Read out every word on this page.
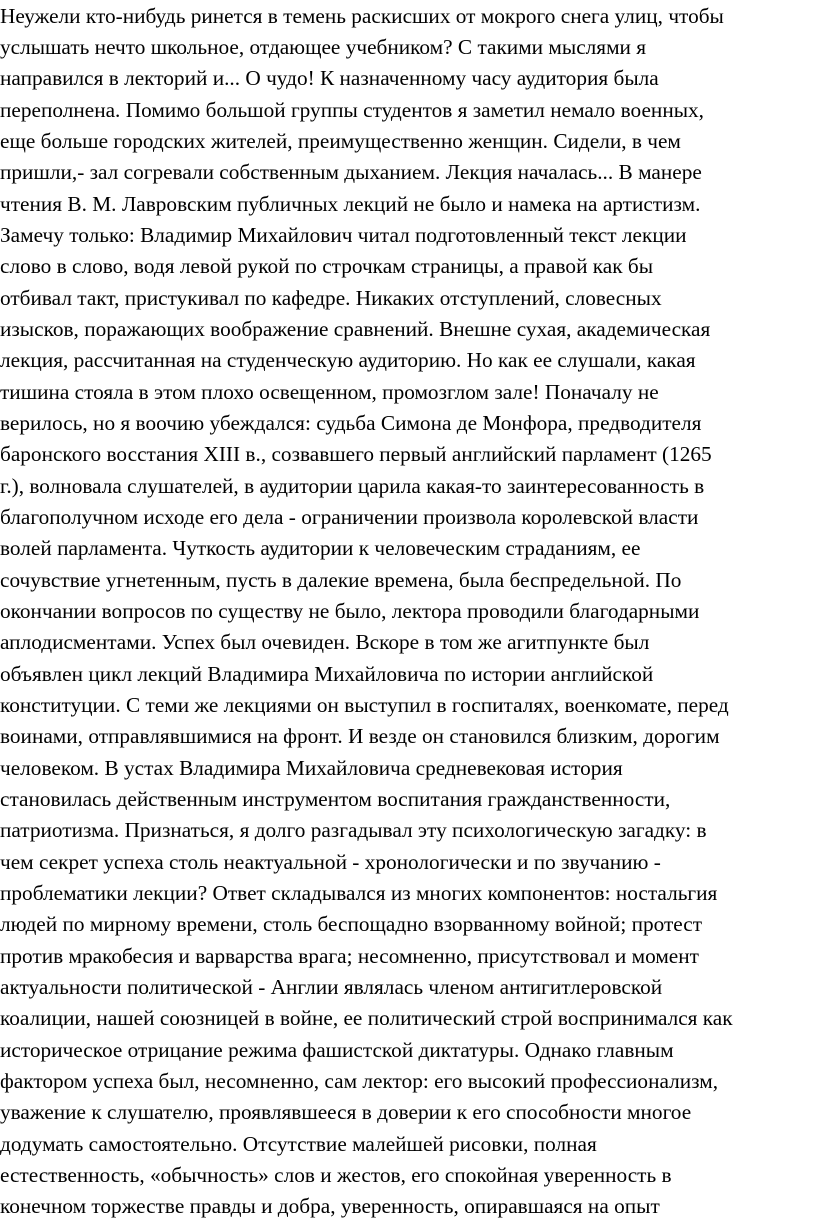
Неужели кто-нибудь ринется в темень раскисших от мокрого снега улиц, чтобы

услышать нечто школьное, отдающее учебником? С такими мыслями я

направился в лекторий и... О чудо! К назначенному часу аудитория была

переполнена. Помимо большой группы студентов я заметил немало военных,

еще больше городских жителей, преимущественно женщин. Сидели, в чем

пришли,- зал согревали собственным дыханием. Лекция началась... В манере

чтения В. М. Лавровским публичных лекций не было и намека на артистизм.

Замечу только: Владимир Михайлович читал подготовленный текст лекции

слово в слово, водя левой рукой по строчкам страницы, а правой как бы

отбивал такт, пристукивал по кафедре. Никаких отступлений, словесных

изысков, поражающих воображение сравнений. Внешне сухая, академическая

лекция, рассчитанная на студенческую аудиторию. Но как ее слушали, какая

тишина стояла в этом плохо освещенном, промозглом зале! Поначалу не

верилось, но я воочию убеждался: судьба Симона де Монфора, предводителя

баронского восстания XIII в., созвавшего первый английский парламент (1265

г.), волновала слушателей, в аудитории царила какая-то заинтересованность в

благополучном исходе его дела - ограничении произвола королевской власти

волей парламента. Чуткость аудитории к человеческим страданиям, ее

сочувствие угнетенным, пусть в далекие времена, была беспредельной. По

окончании вопросов по существу не было, лектора проводили благодарными

аплодисментами. Успех был очевиден. Вскоре в том же агитпункте был

объявлен цикл лекций Владимира Михайловича по истории английской

конституции. С теми же лекциями он выступил в госпиталях, военкомате, перед

воинами, отправлявшимися на фронт. И везде он становился близким, дорогим

человеком. В устах Владимира Михайловича средневековая история

становилась действенным инструментом воспитания гражданственности,

патриотизма. Признаться, я долго разгадывал эту психологическую загадку: в

чем секрет успеха столь неактуальной - хронологически и по звучанию -

проблематики лекции? Ответ складывался из многих компонентов: ностальгия

людей по мирному времени, столь беспощадно взорванному войной; протест

против мракобесия и варварства врага; несомненно, присутствовал и момент

актуальности политической - Англии являлась членом антигитлеровской

коалиции, нашей союзницей в войне, ее политический строй воспринимался как

историческое отрицание режима фашистской диктатуры. Однако главным

фактором успеха был, несомненно, сам лектор: его высокий профессионализм,

уважение к слушателю, проявлявшееся в доверии к его способности многое

додумать самостоятельно. Отсутствие малейшей рисовки, полная

естественность, «обычность» слов и жестов, его спокойная уверенность в

конечном торжестве правды и добра, уверенность, опиравшаяся на опыт
